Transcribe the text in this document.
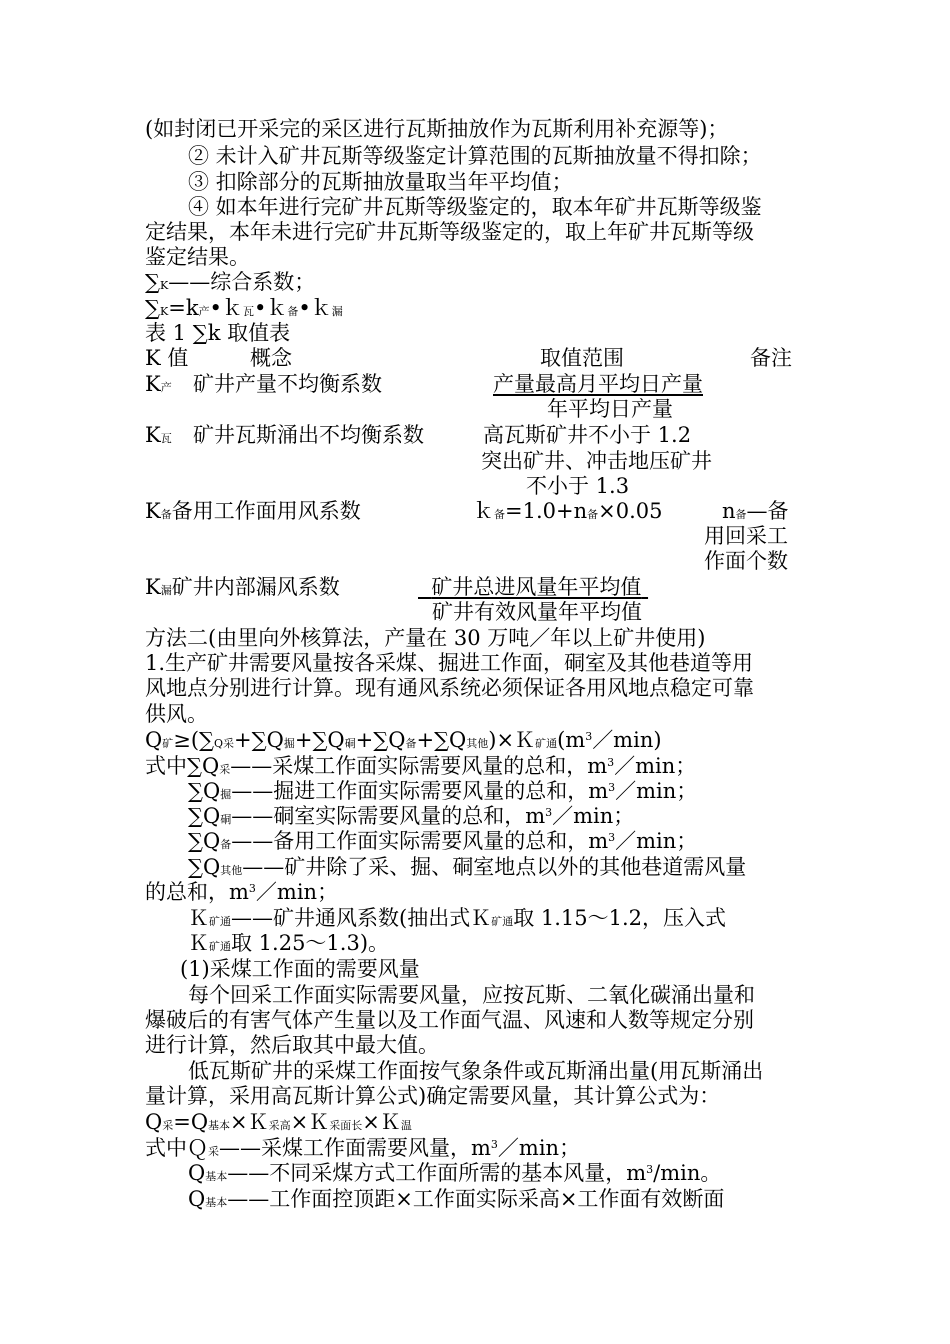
(如封闭已开采完的采区进行瓦斯抽放作为瓦斯利用补充源等)；
② 未计入矿井瓦斯等级鉴定计算范围的瓦斯抽放量不得扣除；
③ 扣除部分的瓦斯抽放量取当年平均值；
④ 如本年进行完矿井瓦斯等级鉴定的，取本年矿井瓦斯等级鉴
定结果，本年未进行完矿井瓦斯等级鉴定的，取上年矿井瓦斯等级
鉴定结果。
∑K——综合系数；
∑K=k产•ｋ瓦•ｋ备•ｋ漏
表 1 ∑k 取值表
K 值	概念	取值范围	备注
K产 矿井产量不均衡系数	产量最高月平均日产量
年平均日产量
K瓦 矿井瓦斯涌出不均衡系数	高瓦斯矿井不小于 1.2
突出矿井、冲击地压矿井
不小于 1.3
K备备用工作面用风系数	ｋ备=1.0+n备×0.05	n备—备
用回采工
作面个数
K漏矿井内部漏风系数	矿井总进风量年平均值
矿井有效风量年平均值
方法二(由里向外核算法，产量在 30 万吨／年以上矿井使用)
1.生产矿井需要风量按各采煤、掘进工作面，硐室及其他巷道等用
风地点分别进行计算。现有通风系统必须保证各用风地点稳定可靠
供风。
Q矿≥(∑Q采+∑Q掘+∑Q硐+∑Q备+∑Q其他)×Ｋ矿通$(m^3/\min)$
式中∑Q采——采煤工作面实际需要风量的总和，$m^3/\min$；
∑Q掘——掘进工作面实际需要风量的总和，$m^3/\min$；
∑Q硐——硐室实际需要风量的总和，$m^3/\min$；
∑Q备——备用工作面实际需要风量的总和，$m^3/\min$；
∑Q其他——矿井除了采、掘、硐室地点以外的其他巷道需风量
的总和，$m^3/\min$；
Ｋ矿通——矿井通风系数(抽出式Ｋ矿通取 1.15～1.2，压入式
Ｋ矿通取 1.25～1.3)。
(1)采煤工作面的需要风量
每个回采工作面实际需要风量，应按瓦斯、二氧化碳涌出量和
爆破后的有害气体产生量以及工作面气温、风速和人数等规定分别
进行计算，然后取其中最大值。
低瓦斯矿井的采煤工作面按气象条件或瓦斯涌出量(用瓦斯涌出
量计算，采用高瓦斯计算公式)确定需要风量，其计算公式为：
Q采=Q基本×Ｋ采高×Ｋ采面长×Ｋ温
式中Ｑ采——采煤工作面需要风量，$m^3/\min$；
Q基本——不同采煤方式工作面所需的基本风量，$m^3/\min$。
Q基本——工作面控顶距×工作面实际采高×工作面有效断面
